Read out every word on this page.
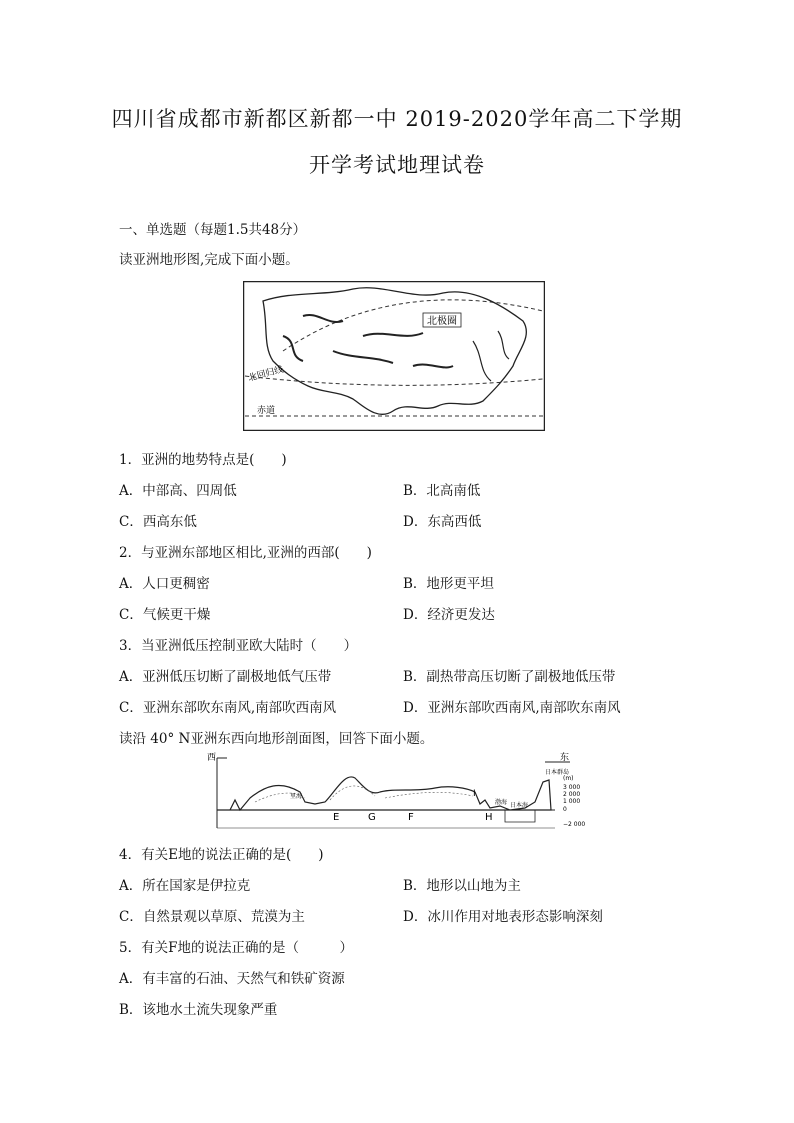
四川省成都市新都区新都一中 2019-2020学年高二下学期
开学考试地理试卷
一、单选题（每题1.5共48分）
读亚洲地形图,完成下面小题。
北极圈
北回归线
赤道
1．亚洲的地势特点是(　　)
A．中部高、四周低	B．北高南低
C．西高东低	D．东高西低
2．与亚洲东部地区相比,亚洲的西部(　　)
A．人口更稠密	B．地形更平坦
C．气候更干燥	D．经济更发达
3．当亚洲低压控制亚欧大陆时（　　）
A．亚洲低压切断了副极地低气压带	B．副热带高压切断了副极地低压带
C．亚洲东部吹东南风,南部吹西南风	D．亚洲东部吹西南风,南部吹东南风
读沿 40° N亚洲东西向地形剖面图，回答下面小题。
西	东
里海
渤海 日本海
日本群岛
E	G	F	H
I
(m)
3 000
2 000
1 000
0
−2 000
4．有关E地的说法正确的是(　　)
A．所在国家是伊拉克	B．地形以山地为主
C．自然景观以草原、荒漠为主	D．冰川作用对地表形态影响深刻
5．有关F地的说法正确的是（　　　）
A．有丰富的石油、天然气和铁矿资源
B．该地水土流失现象严重
